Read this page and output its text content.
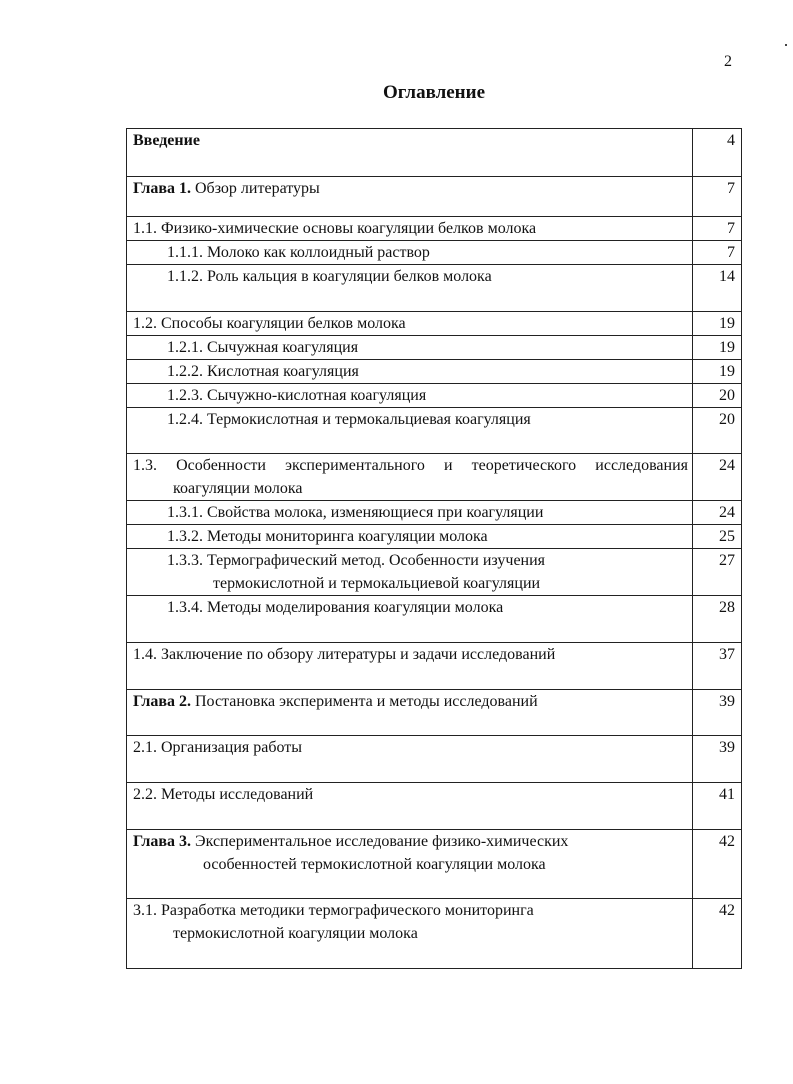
2
Оглавление
Введение	4
Глава 1. Обзор литературы	7
1.1. Физико-химические основы коагуляции белков молока	7
1.1.1. Молоко как коллоидный раствор	7
1.1.2. Роль кальция в коагуляции белков молока	14
1.2. Способы коагуляции белков молока	19
1.2.1. Сычужная коагуляция	19
1.2.2. Кислотная коагуляция	19
1.2.3. Сычужно-кислотная коагуляция	20
1.2.4. Термокислотная и термокальциевая коагуляция	20

1.3. Особенности экспериментального и теоретического исследования
коагуляции молока	24
1.3.1. Свойства молока, изменяющиеся при коагуляции	24
1.3.2. Методы мониторинга коагуляции молока	25

1.3.3. Термографический метод. Особенности изучения
термокислотной и термокальциевой коагуляции	27
1.3.4. Методы моделирования коагуляции молока	28
1.4. Заключение по обзору литературы и задачи исследований	37
Глава 2. Постановка эксперимента и методы исследований	39
2.1. Организация работы	39
2.2. Методы исследований	41

Глава 3. Экспериментальное исследование физико-химических
особенностей термокислотной коагуляции молока	42

3.1. Разработка методики термографического мониторинга
термокислотной коагуляции молока	42
